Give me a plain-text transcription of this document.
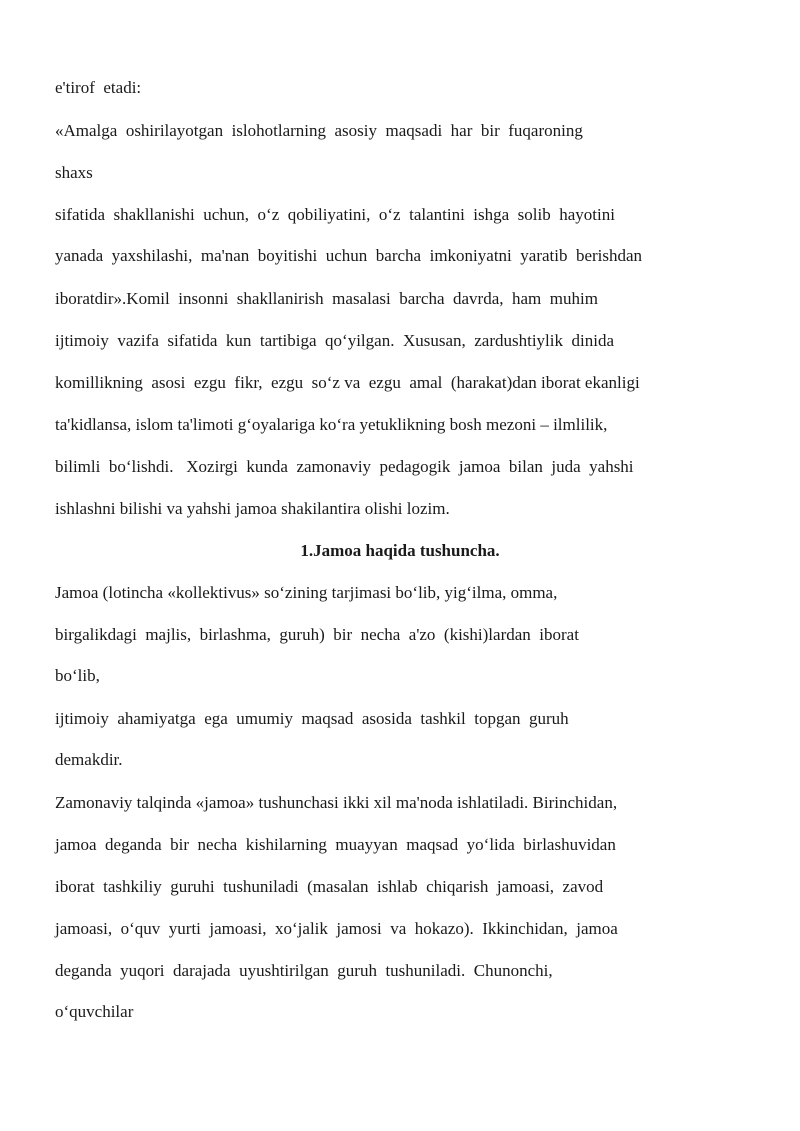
e'tirof  etadi:
«Amalga  oshirilayotgan  islohotlarning  asosiy  maqsadi  har  bir  fuqaroning
shaxs
sifatida  shakllanishi  uchun,  o‘z  qobiliyatini,  o‘z  talantini  ishga  solib  hayotini
yanada  yaxshilashi,  ma'nan  boyitishi  uchun  barcha  imkoniyatni  yaratib  berishdan
iboratdir».Komil  insonni  shakllanirish  masalasi  barcha  davrda,  ham  muhim
ijtimoiy  vazifa  sifatida  kun  tartibiga  qo‘yilgan.  Xususan,  zardushtiylik  dinida
komillikning  asosi  ezgu  fikr,  ezgu  so‘z va  ezgu  amal  (harakat)dan iborat ekanligi
ta'kidlansa, islom ta'limoti g‘oyalariga ko‘ra yetuklikning bosh mezoni – ilmlilik,
bilimli  bo‘lishdi.   Xozirgi  kunda  zamonaviy  pedagogik  jamoa  bilan  juda  yahshi
ishlashni bilishi va yahshi jamoa shakilantira olishi lozim.
1.Jamoa haqida tushuncha.
Jamoa (lotincha «kollektivus» so‘zining tarjimasi bo‘lib, yig‘ilma, omma,
birgalikdagi  majlis,  birlashma,  guruh)  bir  necha  a'zo  (kishi)lardan  iborat
bo‘lib,
ijtimoiy  ahamiyatga  ega  umumiy  maqsad  asosida  tashkil  topgan  guruh
demakdir.
Zamonaviy talqinda «jamoa» tushunchasi ikki xil ma'noda ishlatiladi. Birinchidan,
jamoa  deganda  bir  necha  kishilarning  muayyan  maqsad  yo‘lida  birlashuvidan
iborat  tashkiliy  guruhi  tushuniladi  (masalan  ishlab  chiqarish  jamoasi,  zavod
jamoasi,  o‘quv  yurti  jamoasi,  xo‘jalik  jamosi  va  hokazo).  Ikkinchidan,  jamoa
deganda  yuqori  darajada  uyushtirilgan  guruh  tushuniladi.  Chunonchi,
o‘quvchilar
